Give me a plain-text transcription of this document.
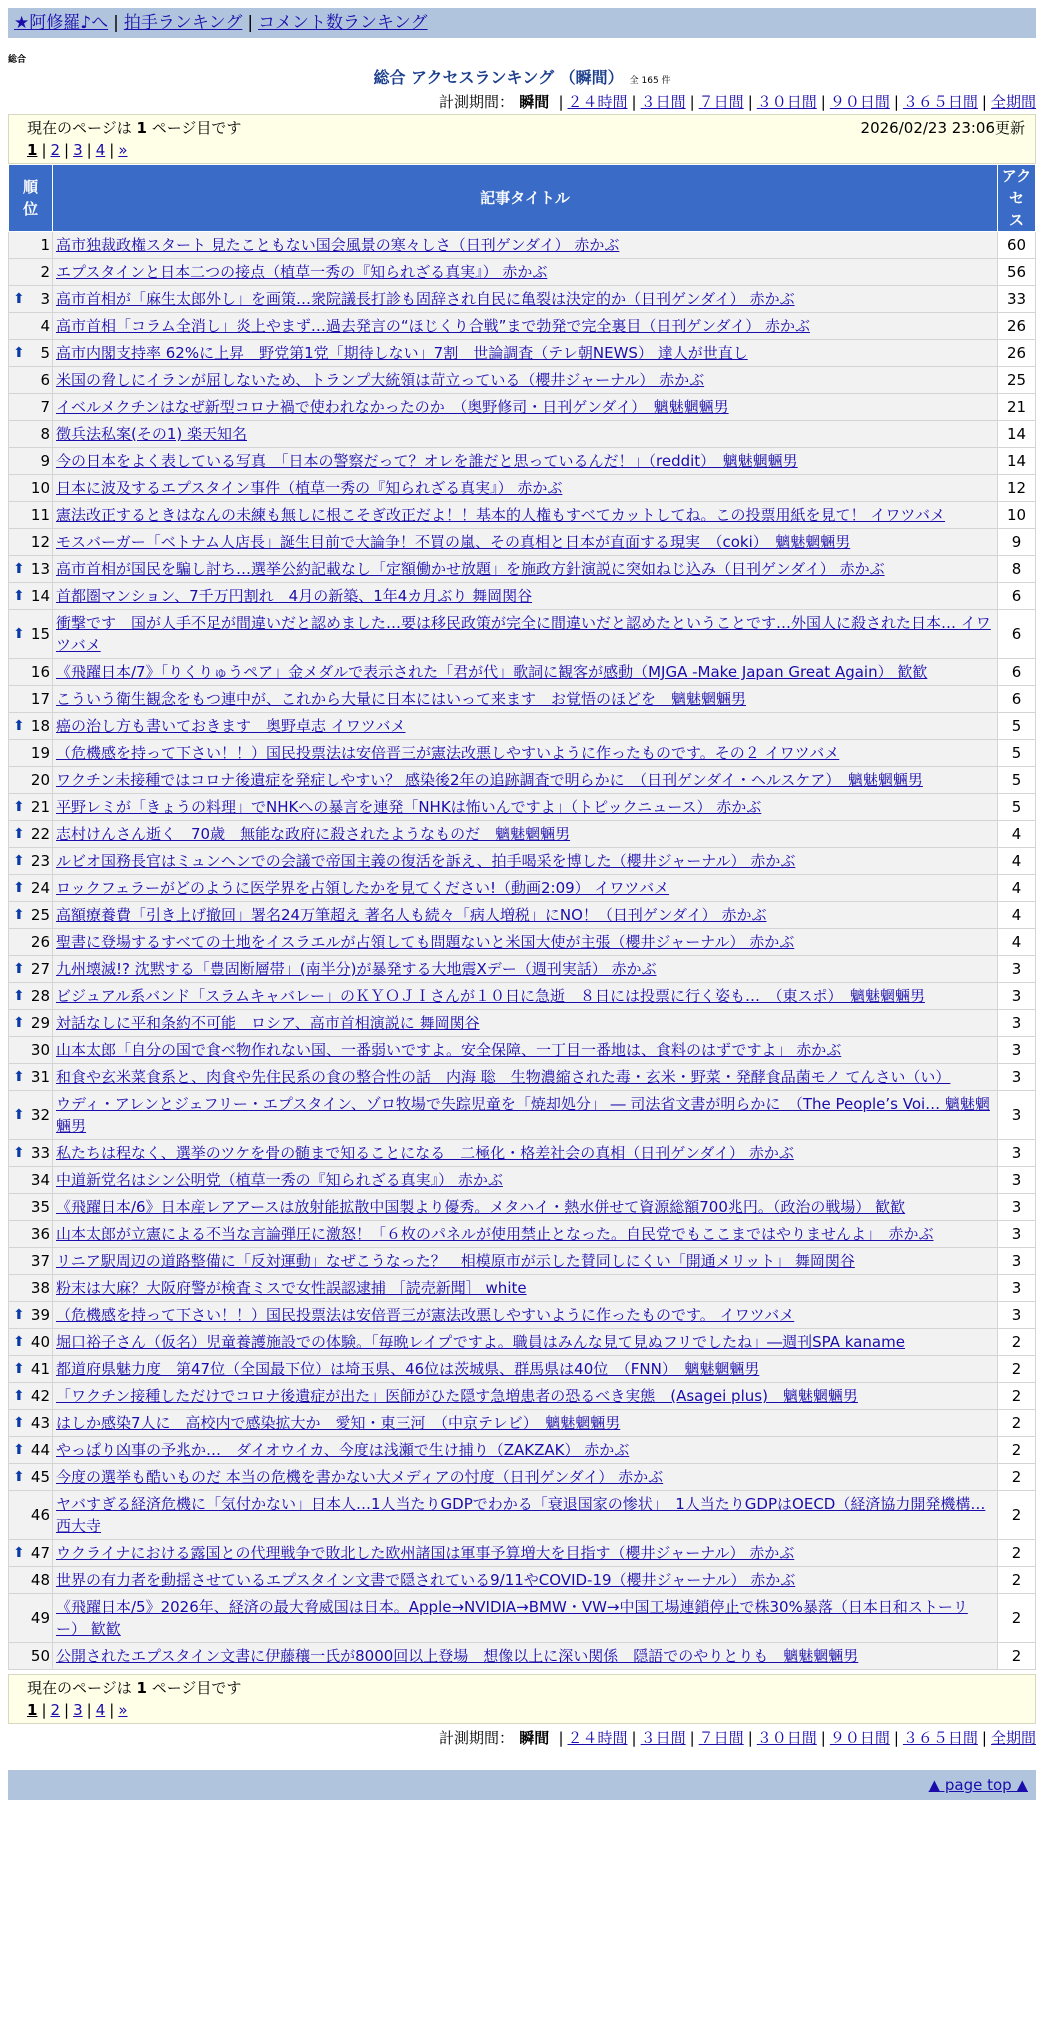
★阿修羅♪へ | 拍手ランキング | コメント数ランキング
総合
総合 アクセスランキング （瞬間） 全 165 件
計測期間： 瞬間 | ２４時間 | ３日間 | ７日間 | ３０日間 | ９０日間 | ３６５日間 | 全期間
現在のページは 1 ページ目です	2026/02/23 23:06更新
1 | 2 | 3 | 4 | »
順
位	記事タイトル	アクセ
ス
1	高市独裁政権スタート 見たこともない国会風景の寒々しさ（日刊ゲンダイ） 赤かぶ	60
2	エプスタインと日本二つの接点（植草一秀の『知られざる真実』） 赤かぶ	56

⬆ 3	高市首相が「麻生太郎外し」を画策…衆院議長打診も固辞され自民に亀裂は決定的か（日刊ゲンダイ） 赤かぶ	33
4	高市首相「コラム全消し」炎上やまず…過去発言の“ほじくり合戦”まで勃発で完全裏目（日刊ゲンダイ） 赤かぶ	26

⬆ 5	高市内閣支持率 62%に上昇　野党第1党「期待しない」7割　世論調査（テレ朝NEWS） 達人が世直し	26
6	米国の脅しにイランが屈しないため、トランプ大統領は苛立っている（櫻井ジャーナル） 赤かぶ	25
7	イベルメクチンはなぜ新型コロナ禍で使われなかったのか　（奥野修司・日刊ゲンダイ）　魑魅魍魎男	21
8	徴兵法私案(その1) 楽天知名	14
9	今の日本をよく表している写真　「日本の警察だって？オレを誰だと思っているんだ！」（reddit）　魑魅魍魎男	14
10	日本に波及するエプスタイン事件（植草一秀の『知られざる真実』） 赤かぶ	12
11	憲法改正するときはなんの未練も無しに根こそぎ改正だよ！！基本的人権もすべてカットしてね。この投票用紙を見て！ イワツバメ	10
12	モスバーガー「ベトナム人店長」誕生目前で大論争！不買の嵐、その真相と日本が直面する現実　（coki）　魑魅魍魎男	9

⬆ 13	高市首相が国民を騙し討ち…選挙公約記載なし「定額働かせ放題」を施政方針演説に突如ねじ込み（日刊ゲンダイ） 赤かぶ	8

⬆ 14	首都圏マンション、7千万円割れ　4月の新築、1年4カ月ぶり 舞岡関谷	6

⬆ 15	衝撃です　国が人手不足が間違いだと認めました…要は移民政策が完全に間違いだと認めたということです…外国人に殺された日本… イワツバメ	6
16	《飛躍日本/7》「りくりゅうペア」金メダルで表示された「君が代」歌詞に観客が感動（MJGA -Make Japan Great Again） 歓歓	6
17	こういう衛生観念をもつ連中が、これから大量に日本にはいって来ます　お覚悟のほどを　魑魅魍魎男	6

⬆ 18	癌の治し方も書いておきます　奥野卓志 イワツバメ	5
19	（危機感を持って下さい！！）国民投票法は安倍晋三が憲法改悪しやすいように作ったものです。その２ イワツバメ	5
20	ワクチン未接種ではコロナ後遺症を発症しやすい？ 感染後2年の追跡調査で明らかに　（日刊ゲンダイ・ヘルスケア）　魑魅魍魎男	5

⬆ 21	平野レミが「きょうの料理」でNHKへの暴言を連発「NHKは怖いんですよ」（トピックニュース） 赤かぶ	5

⬆ 22	志村けんさん逝く　70歳　無能な政府に殺されたようなものだ　魑魅魍魎男	4

⬆ 23	ルビオ国務長官はミュンヘンでの会議で帝国主義の復活を訴え、拍手喝采を博した（櫻井ジャーナル） 赤かぶ	4

⬆ 24	ロックフェラーがどのように医学界を占領したかを見てください!（動画2:09） イワツバメ	4

⬆ 25	高額療養費「引き上げ撤回」署名24万筆超え 著名人も続々「病人増税」にNO！（日刊ゲンダイ） 赤かぶ	4
26	聖書に登場するすべての土地をイスラエルが占領しても問題ないと米国大使が主張（櫻井ジャーナル） 赤かぶ	4

⬆ 27	九州壊滅!? 沈黙する「豊固断層帯」(南半分)が暴発する大地震Xデー（週刊実話） 赤かぶ	3

⬆ 28	ビジュアル系バンド「スラムキャバレー」のＫＹＯＪＩさんが１０日に急逝　８日には投票に行く姿も…　（東スポ）　魑魅魍魎男	3

⬆ 29	対話なしに平和条約不可能　ロシア、高市首相演説に 舞岡関谷	3
30	山本太郎「自分の国で食べ物作れない国、一番弱いですよ。安全保障、一丁目一番地は、食料のはずですよ」 赤かぶ	3

⬆ 31	和食や玄米菜食系と、肉食や先住民系の食の整合性の話　内海 聡　生物濃縮された毒・玄米・野菜・発酵食品菌モノ てんさい（い）	3

⬆ 32	ウディ・アレンとジェフリー・エプスタイン、ゾロ牧場で失踪児童を「焼却処分」 ― 司法省文書が明らかに　（The People’s Voi… 魑魅魍魎男	3

⬆ 33	私たちは程なく、選挙のツケを骨の髄まで知ることになる　二極化・格差社会の真相（日刊ゲンダイ） 赤かぶ	3
34	中道新党名はシン公明党（植草一秀の『知られざる真実』） 赤かぶ	3
35	《飛躍日本/6》日本産レアアースは放射能拡散中国製より優秀。メタハイ・熱水併せて資源総額700兆円。（政治の戦場） 歓歓	3
36	山本太郎が立憲による不当な言論弾圧に激怒！「６枚のパネルが使用禁止となった。自民党でもここまではやりませんよ」　赤かぶ	3
37	リニア駅周辺の道路整備に「反対運動」なぜこうなった？　相模原市が示した賛同しにくい「開通メリット」 舞岡関谷	3
38	粉末は大麻？大阪府警が検査ミスで女性誤認逮捕 ［読売新聞］ white	3

⬆ 39	（危機感を持って下さい！！）国民投票法は安倍晋三が憲法改悪しやすいように作ったものです。 イワツバメ	3

⬆ 40	堀口裕子さん（仮名）児童養護施設での体験。「毎晩レイプですよ。職員はみんな見て見ぬフリでしたね」―週刊SPA kaname	2

⬆ 41	都道府県魅力度　第47位（全国最下位）は埼玉県、46位は茨城県、群馬県は40位　（FNN）　魑魅魍魎男	2

⬆ 42	「ワクチン接種しただけでコロナ後遺症が出た」医師がひた隠す急増患者の恐るべき実態　(Asagei plus)　魑魅魍魎男	2

⬆ 43	はしか感染7人に　高校内で感染拡大か　愛知・東三河　（中京テレビ）　魑魅魍魎男	2

⬆ 44	やっぱり凶事の予兆か…　ダイオウイカ、今度は浅瀬で生け捕り（ZAKZAK） 赤かぶ	2

⬆ 45	今度の選挙も酷いものだ 本当の危機を書かない大メディアの忖度（日刊ゲンダイ） 赤かぶ	2
46	ヤバすぎる経済危機に「気付かない」日本人…1人当たりGDPでわかる「衰退国家の惨状」　1人当たりGDPはOECD（経済協力開発機構… 西大寺	2

⬆ 47	ウクライナにおける露国との代理戦争で敗北した欧州諸国は軍事予算増大を目指す（櫻井ジャーナル） 赤かぶ	2
48	世界の有力者を動揺させているエプスタイン文書で隠されている9/11やCOVID-19（櫻井ジャーナル） 赤かぶ	2
49	《飛躍日本/5》2026年、経済の最大脅威国は日本。Apple→NVIDIA→BMW・VW→中国工場連鎖停止で株30%暴落（日本日和ストーリー） 歓歓	2
50	公開されたエプスタイン文書に伊藤穰一氏が8000回以上登場　想像以上に深い関係　隠語でのやりとりも　魑魅魍魎男	2
現在のページは 1 ページ目です
1 | 2 | 3 | 4 | »
計測期間： 瞬間 | ２４時間 | ３日間 | ７日間 | ３０日間 | ９０日間 | ３６５日間 | 全期間
▲ page top ▲
